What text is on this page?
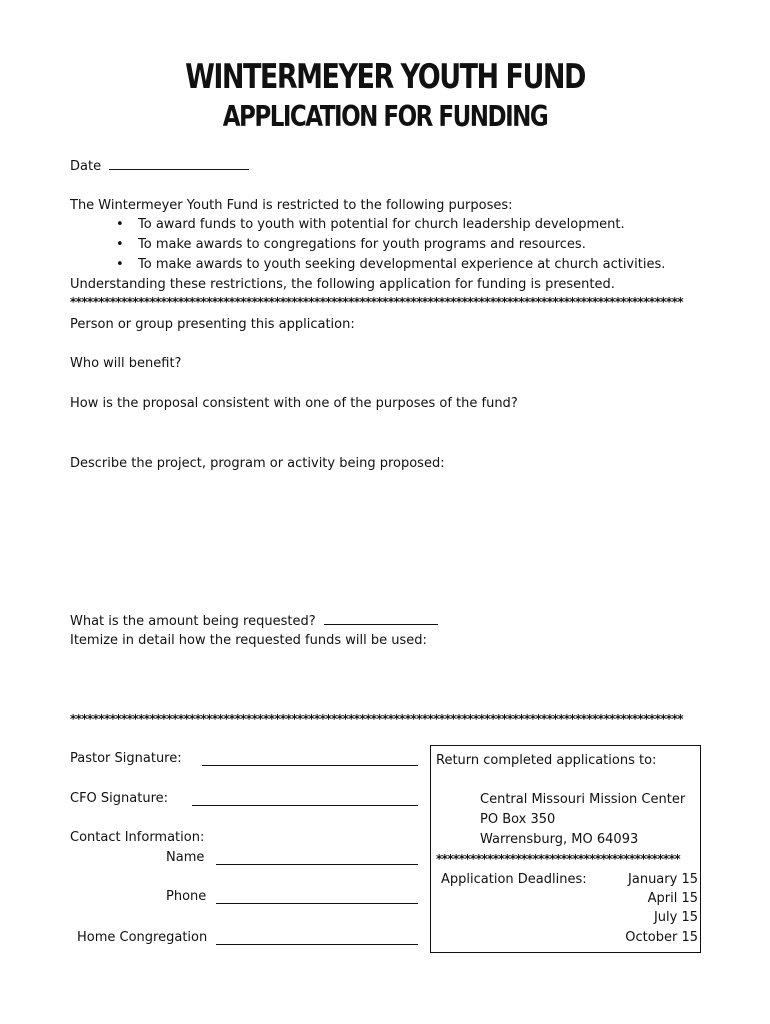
WINTERMEYER YOUTH FUND
APPLICATION FOR FUNDING
Date
The Wintermeyer Youth Fund is restricted to the following purposes:
• To award funds to youth with potential for church leadership development.
• To make awards to congregations for youth programs and resources.
• To make awards to youth seeking developmental experience at church activities.
Understanding these restrictions, the following application for funding is presented.
************************************************************************************************************
Person or group presenting this application:
Who will benefit?
How is the proposal consistent with one of the purposes of the fund?
Describe the project, program or activity being proposed:
What is the amount being requested?
Itemize in detail how the requested funds will be used:
************************************************************************************************************
Pastor Signature:
CFO Signature:
Contact Information:
Name
Phone
Home Congregation
Return completed applications to:
Central Missouri Mission Center
PO Box 350
Warrensburg, MO 64093
*******************************************
Application Deadlines:	January 15
April 15
July 15
October 15
